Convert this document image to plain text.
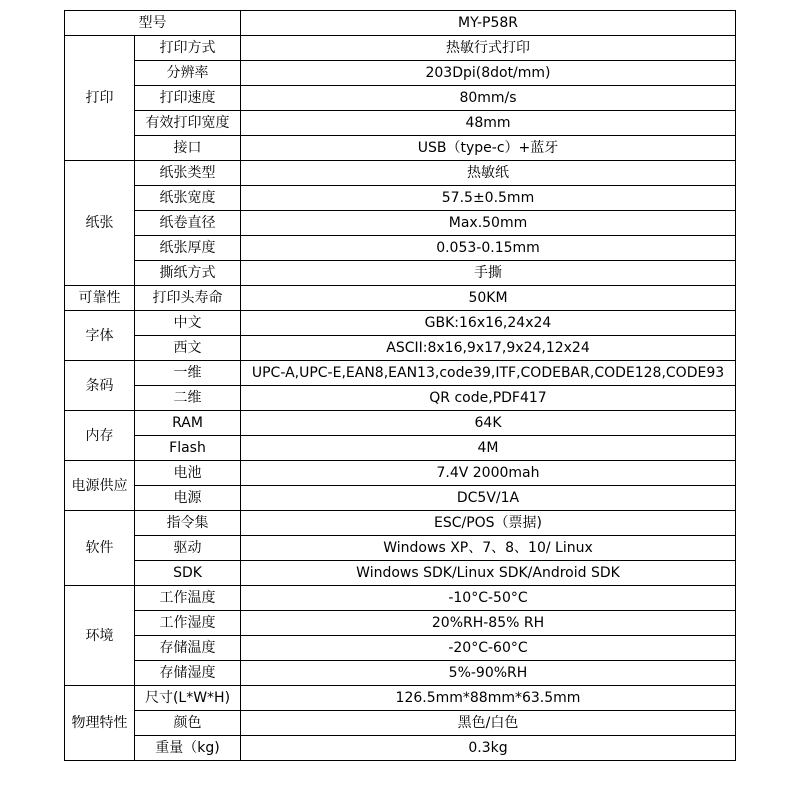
型号		MY-P58R
打印	打印方式	热敏行式打印
	分辨率	203Dpi(8dot/mm)
	打印速度	80mm/s
	有效打印宽度	48mm
	接口	USB（type-c）+蓝牙
纸张	纸张类型	热敏纸
	纸张宽度	57.5±0.5mm
	纸卷直径	Max.50mm
	纸张厚度	0.053-0.15mm
	撕纸方式	手撕
可靠性	打印头寿命	50KM
字体	中文	GBK:16x16,24x24
	西文	ASCII:8x16,9x17,9x24,12x24
条码	一维	UPC-A,UPC-E,EAN8,EAN13,code39,ITF,CODEBAR,CODE128,CODE93
	二维	QR code,PDF417
内存	RAM	64K
	Flash	4M
电源供应	电池	7.4V 2000mah
	电源	DC5V/1A
软件	指令集	ESC/POS（票据)
	驱动	Windows XP、7、8、10/ Linux
	SDK	Windows SDK/Linux SDK/Android SDK
环境	工作温度	-10°C-50°C
	工作湿度	20%RH-85% RH
	存储温度	-20°C-60°C
	存储湿度	5%-90%RH
物理特性	尺寸(L*W*H)	126.5mm*88mm*63.5mm
	颜色	黑色/白色
	重量（kg)	0.3kg
